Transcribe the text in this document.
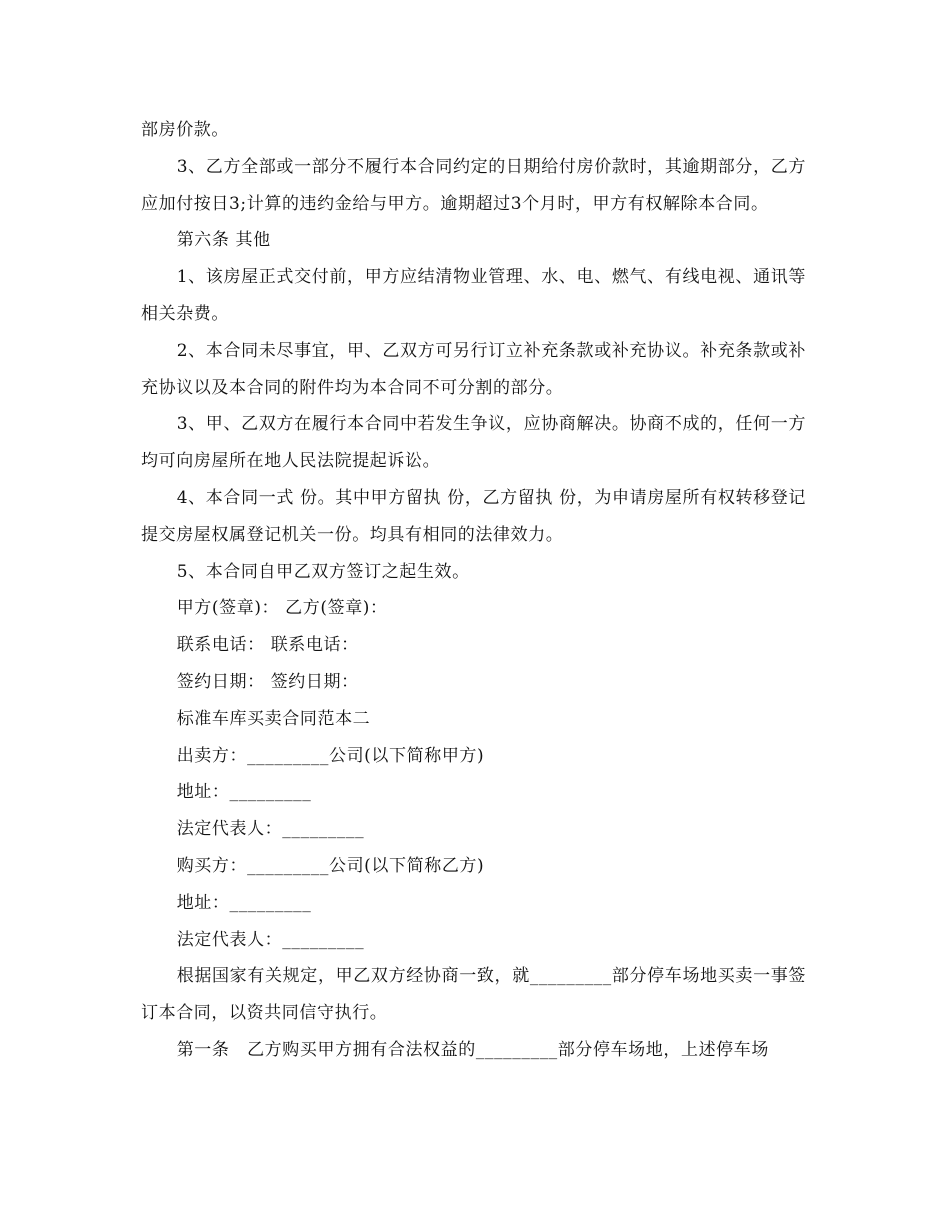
部房价款。

3、乙方全部或一部分不履行本合同约定的日期给付房价款时，其逾期部分，乙方应加付按日3;计算的违约金给与甲方。逾期超过3个月时，甲方有权解除本合同。

第六条 其他

1、该房屋正式交付前，甲方应结清物业管理、水、电、燃气、有线电视、通讯等相关杂费。

2、本合同未尽事宜，甲、乙双方可另行订立补充条款或补充协议。补充条款或补充协议以及本合同的附件均为本合同不可分割的部分。

3、甲、乙双方在履行本合同中若发生争议，应协商解决。协商不成的，任何一方均可向房屋所在地人民法院提起诉讼。

4、本合同一式 份。其中甲方留执 份，乙方留执 份，为申请房屋所有权转移登记提交房屋权属登记机关一份。均具有相同的法律效力。

5、本合同自甲乙双方签订之起生效。

甲方(签章)： 乙方(签章)：

联系电话： 联系电话：

签约日期： 签约日期：

标准车库买卖合同范本二

出卖方：_________公司(以下简称甲方)

地址：_________

法定代表人：_________

购买方：_________公司(以下简称乙方)

地址：_________

法定代表人：_________

根据国家有关规定，甲乙双方经协商一致，就_________部分停车场地买卖一事签订本合同，以资共同信守执行。

第一条　乙方购买甲方拥有合法权益的_________部分停车场地，上述停车场
